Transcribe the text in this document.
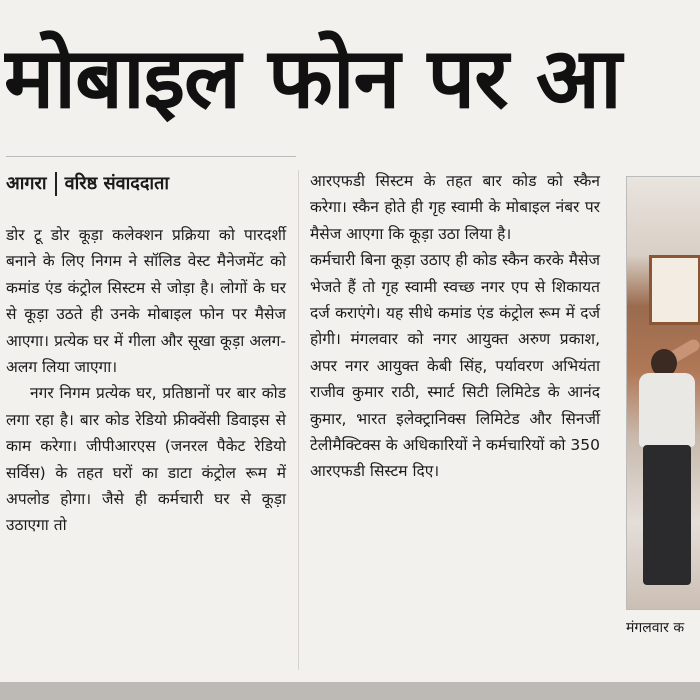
मोबाइल फोन पर आ
आगरा वरिष्ठ संवाददाता

डोर टू डोर कूड़ा कलेक्शन प्रक्रिया को पारदर्शी बनाने के लिए निगम ने सॉलिड वेस्ट मैनेजमेंट को कमांड एंड कंट्रोल सिस्टम से जोड़ा है। लोगों के घर से कूड़ा उठते ही उनके मोबाइल फोन पर मैसेज आएगा। प्रत्येक घर में गीला और सूखा कूड़ा अलग-अलग लिया जाएगा।

नगर निगम प्रत्येक घर, प्रतिष्ठानों पर बार कोड लगा रहा है। बार कोड रेडियो फ्रीक्वेंसी डिवाइस से काम करेगा। जीपीआरएस (जनरल पैकेट रेडियो सर्विस) के तहत घरों का डाटा कंट्रोल रूम में अपलोड होगा। जैसे ही कर्मचारी घर से कूड़ा उठाएगा तो

आरएफडी सिस्टम के तहत बार कोड को स्कैन करेगा। स्कैन होते ही गृह स्वामी के मोबाइल नंबर पर मैसेज आएगा कि कूड़ा उठा लिया है।

कर्मचारी बिना कूड़ा उठाए ही कोड स्कैन करके मैसेज भेजते हैं तो गृह स्वामी स्वच्छ नगर एप से शिकायत दर्ज कराएंगे। यह सीधे कमांड एंड कंट्रोल रूम में दर्ज होगी। मंगलवार को नगर आयुक्त अरुण प्रकाश, अपर नगर आयुक्त केबी सिंह, पर्यावरण अभियंता राजीव कुमार राठी, स्मार्ट सिटी लिमिटेड के आनंद कुमार, भारत इलेक्ट्रानिक्स लिमिटेड और सिनर्जी टेलीमैक्टिक्स के अधिकारियों ने कर्मचारियों को 350 आरएफडी सिस्टम दिए।

मंगलवार क
